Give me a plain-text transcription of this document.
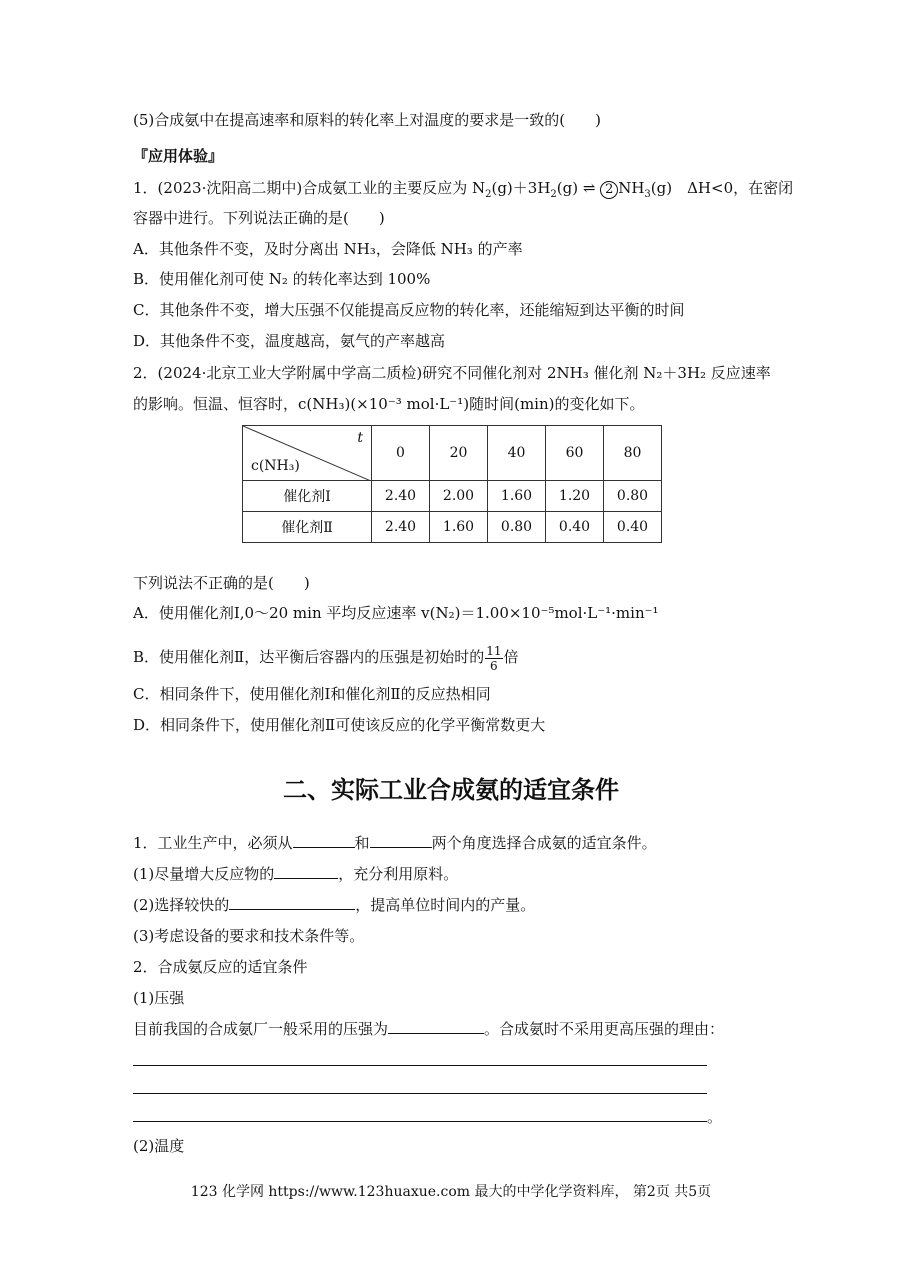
(5)合成氨中在提高速率和原料的转化率上对温度的要求是一致的(　　)
『应用体验』
1．(2023·沈阳高二期中)合成氨工业的主要反应为 $N_2(g)+3H_2(g)$ ⇌ 2 $NH_3(g)$　ΔH<0，在密闭
容器中进行。下列说法正确的是(　　)
A．其他条件不变，及时分离出 NH₃，会降低 NH₃ 的产率
B．使用催化剂可使 N₂ 的转化率达到 100%
C．其他条件不变，增大压强不仅能提高反应物的转化率，还能缩短到达平衡的时间
D．其他条件不变，温度越高，氨气的产率越高
2．(2024·北京工业大学附属中学高二质检)研究不同催化剂对 2NH₃ 催化剂 N₂＋3H₂ 反应速率
的影响。恒温、恒容时，c(NH₃)(×10⁻³ mol·L⁻¹)随时间(min)的变化如下。
t
c(NH₃)	0	20	40	60	80
催化剂Ⅰ	2.40	2.00	1.60	1.20	0.80
催化剂Ⅱ	2.40	1.60	0.80	0.40	0.40
下列说法不正确的是(　　)
A．使用催化剂Ⅰ,0～20 min 平均反应速率 v(N₂)＝1.00×10⁻⁵mol·L⁻¹·min⁻¹
B．使用催化剂Ⅱ，达平衡后容器内的压强是初始时的 $\frac{11}{6}$ 倍
C．相同条件下，使用催化剂Ⅰ和催化剂Ⅱ的反应热相同
D．相同条件下，使用催化剂Ⅱ可使该反应的化学平衡常数更大
二、实际工业合成氨的适宜条件
1．工业生产中，必须从	和	两个角度选择合成氨的适宜条件。
(1)尽量增大反应物的	，充分利用原料。
(2)选择较快的	，提高单位时间内的产量。
(3)考虑设备的要求和技术条件等。
2．合成氨反应的适宜条件
(1)压强
目前我国的合成氨厂一般采用的压强为	。合成氨时不采用更高压强的理由：
。
(2)温度
123 化学网 https://www.123huaxue.com 最大的中学化学资料库， 第2页 共5页
